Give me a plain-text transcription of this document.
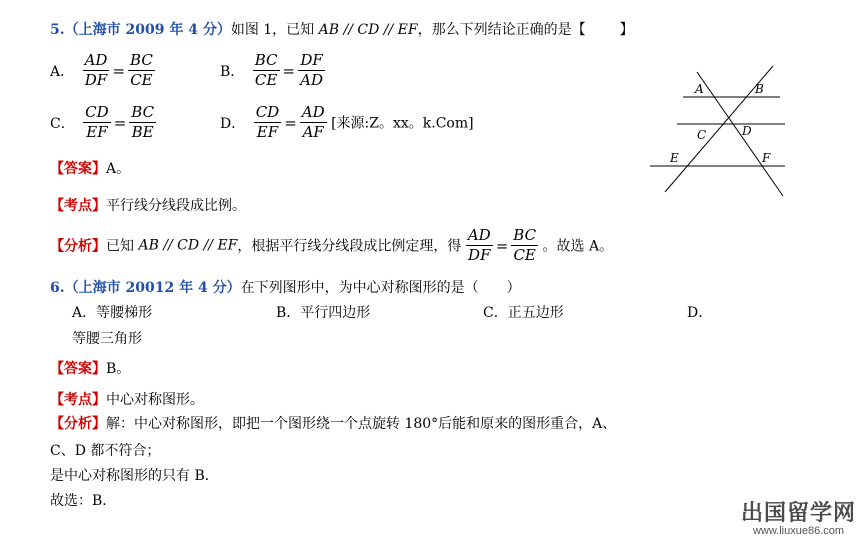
5.（上海市 2009 年 4 分）如图 1，已知 AB // CD // EF，那么下列结论正确的是【 】
A． $\frac{AD}{DF} = \frac{BC}{CE}$	B． $\frac{BC}{CE} = \frac{DF}{AD}$
C． $\frac{CD}{EF} = \frac{BC}{BE}$	D． $\frac{CD}{EF} = \frac{AD}{AF}$ [来源:Z。xx。k.Com]
A	B
C	D
E	F
【答案】A。
【考点】平行线分线段成比例。
【分析】已知 AB // CD // EF，根据平行线分线段成比例定理，得 $\frac{AD}{DF} = \frac{BC}{CE}$ 。故选 A。
6.（上海市 20012 年 4 分）在下列图形中，为中心对称图形的是（　　）
A．等腰梯形	B．平行四边形	C．正五边形	D．
等腰三角形
【答案】B。
【考点】中心对称图形。
【分析】解：中心对称图形，即把一个图形绕一个点旋转 180°后能和原来的图形重合，A、
C、D 都不符合；
是中心对称图形的只有 B．
故选：B．	出国留学网
www.liuxue86.com
